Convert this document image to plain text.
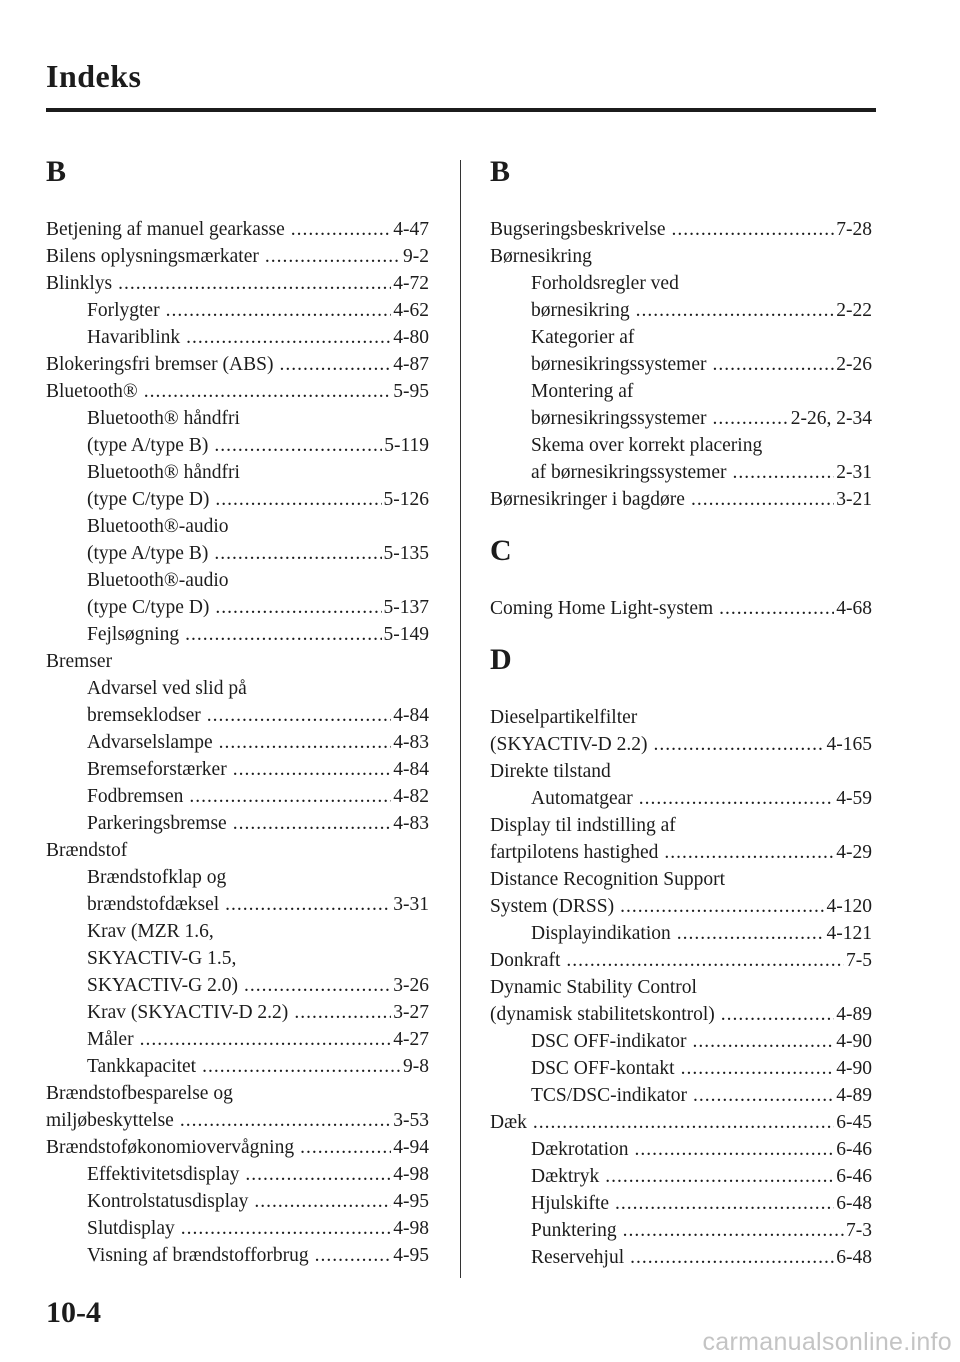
Indeks
B
Betjening af manuel gearkasse .....	4-47
Bilens oplysningsmærkater .....	9-2
Blinklys .....	4-72
Forlygter .....	4-62
Havariblink .....	4-80
Blokeringsfri bremser (ABS) .....	4-87
Bluetooth® .....	5-95
Bluetooth® håndfri
(type A/type B) .....	5-119
Bluetooth® håndfri
(type C/type D) .....	5-126
Bluetooth®-audio
(type A/type B) .....	5-135
Bluetooth®-audio
(type C/type D) .....	5-137
Fejlsøgning .....	5-149
Bremser
Advarsel ved slid på
bremseklodser .....	4-84
Advarselslampe .....	4-83
Bremseforstærker .....	4-84
Fodbremsen .....	4-82
Parkeringsbremse .....	4-83
Brændstof
Brændstofklap og
brændstofdæksel .....	3-31
Krav (MZR 1.6,
SKYACTIV-G 1.5,
SKYACTIV-G 2.0) .....	3-26
Krav (SKYACTIV-D 2.2) .....	3-27
Måler .....	4-27
Tankkapacitet .....	9-8
Brændstofbesparelse og
miljøbeskyttelse .....	3-53
Brændstoføkonomiovervågning .....	4-94
Effektivitetsdisplay .....	4-98
Kontrolstatusdisplay .....	4-95
Slutdisplay .....	4-98
Visning af brændstofforbrug .....	4-95
B
Bugseringsbeskrivelse .....	7-28
Børnesikring
Forholdsregler ved
børnesikring .....	2-22
Kategorier af
børnesikringssystemer .....	2-26
Montering af
børnesikringssystemer .....	2-26, 2-34
Skema over korrekt placering
af børnesikringssystemer .....	2-31
Børnesikringer i bagdøre .....	3-21
C
Coming Home Light-system .....	4-68
D
Dieselpartikelfilter
(SKYACTIV-D 2.2) .....	4-165
Direkte tilstand
Automatgear .....	4-59
Display til indstilling af
fartpilotens hastighed .....	4-29
Distance Recognition Support
System (DRSS) .....	4-120
Displayindikation .....	4-121
Donkraft .....	7-5
Dynamic Stability Control
(dynamisk stabilitetskontrol) .....	4-89
DSC OFF-indikator .....	4-90
DSC OFF-kontakt .....	4-90
TCS/DSC-indikator .....	4-89
Dæk .....	6-45
Dækrotation .....	6-46
Dæktryk .....	6-46
Hjulskifte .....	6-48
Punktering .....	7-3
Reservehjul .....	6-48
10-4
carmanualsonline.info
